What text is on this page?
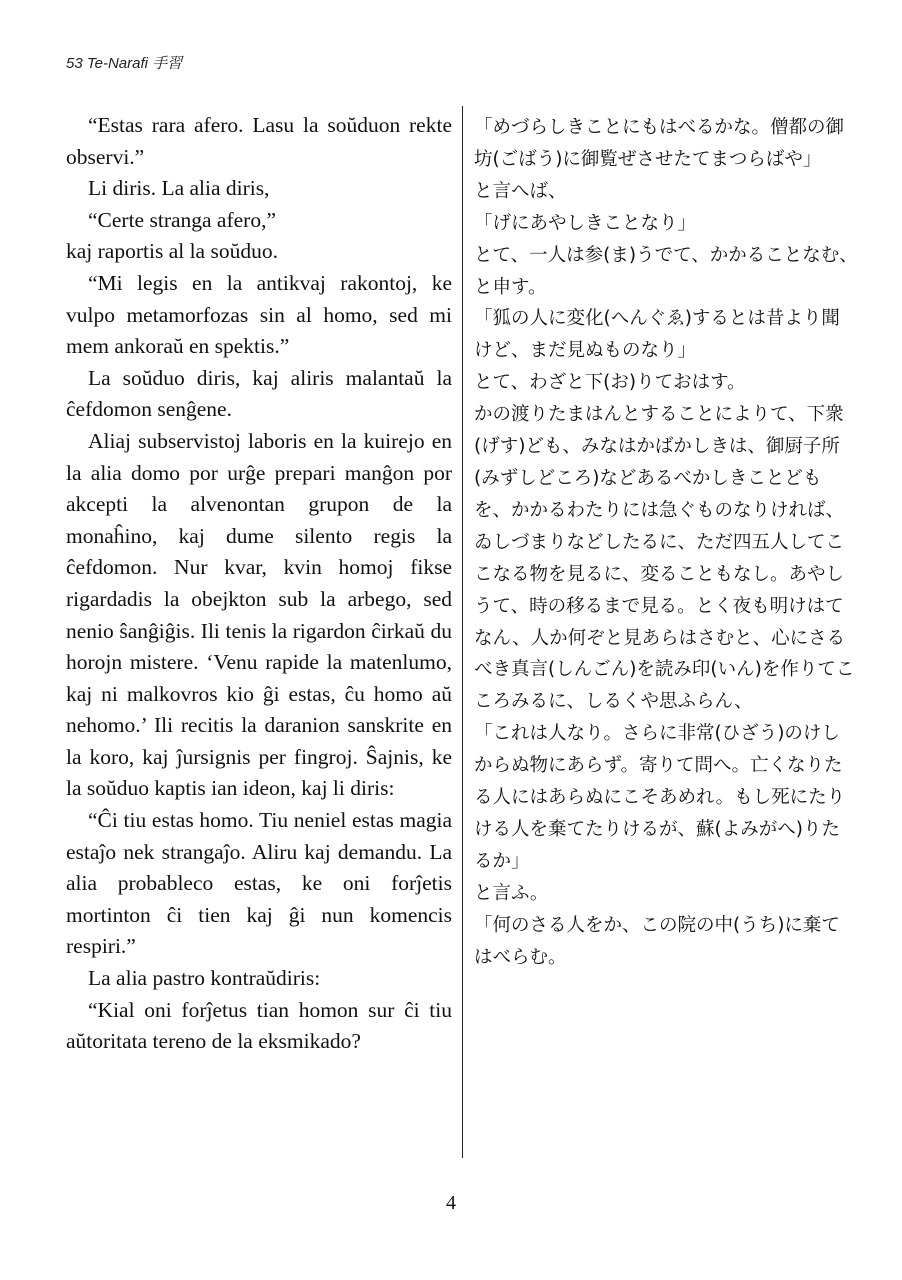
53 Te-Narafi 手習

“Estas rara afero. Lasu la soŭduon rekte observi.”

Li diris. La alia diris,

“Certe stranga afero,”

kaj raportis al la soŭduo.

“Mi legis en la antikvaj rakontoj, ke vulpo metamorfozas sin al homo, sed mi mem ankoraŭ en spektis.”

La soŭduo diris, kaj aliris malantaŭ la ĉefdomon senĝene.

Aliaj subservistoj laboris en la kuirejo en la alia domo por urĝe prepari manĝon por akcepti la alvenontan grupon de la monaĥino, kaj dume silento regis la ĉefdomon. Nur kvar, kvin homoj fikse rigardadis la obejkton sub la arbego, sed nenio ŝanĝiĝis. Ili tenis la rigardon ĉirkaŭ du horojn mistere. ‘Venu rapide la matenlumo, kaj ni malkovros kio ĝi estas, ĉu homo aŭ nehomo.’ Ili recitis la daranion sanskrite en la koro, kaj ĵursignis per fingroj. Ŝajnis, ke la soŭduo kaptis ian ideon, kaj li diris:

“Ĉi tiu estas homo. Tiu neniel estas magia estaĵo nek strangaĵo. Aliru kaj demandu. La alia probableco estas, ke oni forĵetis mortinton ĉi tien kaj ĝi nun komencis respiri.”

La alia pastro kontraŭdiris:

“Kial oni forĵetus tian homon sur ĉi tiu aŭtoritata tereno de la eksmikado?

「めづらしきことにもはべるかな。僧都の御坊(ごばう)に御覧ぜさせたてまつらばや」

と言へば、

「げにあやしきことなり」

とて、一人は参(ま)うでて、かかることなむ、と申す。

「狐の人に変化(へんぐゑ)するとは昔より聞けど、まだ見ぬものなり」

とて、わざと下(お)りておはす。

かの渡りたまはんとすることによりて、下衆(げす)ども、みなはかばかしきは、御厨子所(みずしどころ)などあるべかしきことどもを、かかるわたりには急ぐものなりければ、ゐしづまりなどしたるに、ただ四五人してここなる物を見るに、変ることもなし。あやしうて、時の移るまで見る。とく夜も明けはてなん、人か何ぞと見あらはさむと、心にさるべき真言(しんごん)を読み印(いん)を作りてこころみるに、しるくや思ふらん、

「これは人なり。さらに非常(ひざう)のけしからぬ物にあらず。寄りて問へ。亡くなりたる人にはあらぬにこそあめれ。もし死にたりける人を棄てたりけるが、蘇(よみがへ)りたるか」

と言ふ。

「何のさる人をか、この院の中(うち)に棄てはべらむ。

4
